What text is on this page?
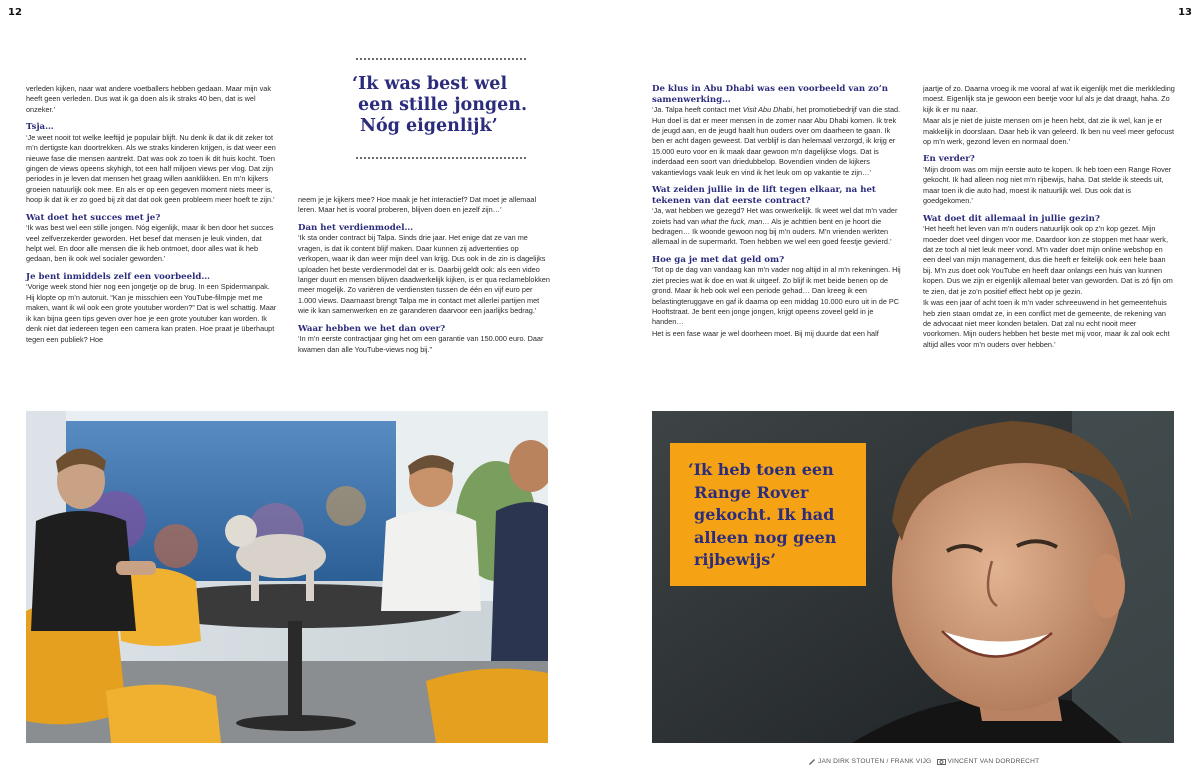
12	13

verleden kijken, naar wat andere voetballers hebben gedaan. Maar mijn vak heeft geen verleden. Dus wat ik ga doen als ik straks 40 ben, dat is wel onzeker.’

Tsja…

‘Je weet nooit tot welke leeftijd je populair blijft. Nu denk ik dat ik dit zeker tot m’n dertigste kan doortrekken. Als we straks kinderen krijgen, is dat weer een nieuwe fase die mensen aantrekt. Dat was ook zo toen ik dit huis kocht. Toen gingen de views opeens skyhigh, tot een half miljoen views per vlog. Dat zijn periodes in je leven dat mensen het graag willen aanklikken. En m’n kijkers groeien natuurlijk ook mee. En als er op een gegeven moment niets meer is, hoop ik dat ik er zo goed bij zit dat dat ook geen probleem meer hoeft te zijn.’

Wat doet het succes met je?

‘Ik was best wel een stille jongen. Nóg eigenlijk, maar ik ben door het succes veel zelfverzekerder geworden. Het besef dat mensen je leuk vinden, dat helpt wel. En door alle mensen die ik heb ontmoet, door alles wat ik heb gedaan, ben ik ook wel socialer geworden.’

Je bent inmiddels zelf een voorbeeld…

‘Vorige week stond hier nog een jongetje op de brug. In een Spidermanpak. Hij klopte op m’n autoruit. “Kan je misschien een YouTube-filmpje met me maken, want ik wil ook een grote youtuber worden?” Dat is wel schattig. Maar ik kan bijna geen tips geven over hoe je een grote youtuber kan worden. Ik denk niet dat iedereen tegen een camera kan praten. Hoe praat je überhaupt tegen een publiek? Hoe

‘Ik was best wel
een stille jongen.
Nóg eigenlijk’

neem je je kijkers mee? Hoe maak je het interactief? Dat moet je allemaal leren. Maar het is vooral proberen, blijven doen en jezelf zijn…’

Dan het verdienmodel…

‘Ik sta onder contract bij Talpa. Sinds drie jaar. Het enige dat ze van me vragen, is dat ik content blijf maken. Daar kunnen zij advertenties op verkopen, waar ik dan weer mijn deel van krijg. Dus ook in de zin is dagelijks uploaden het beste verdienmodel dat er is. Daarbij geldt ook: als een video langer duurt en mensen blijven daadwerkelijk kijken, is er qua reclameblokken meer mogelijk. Zo variëren de verdiensten tussen de één en vijf euro per 1.000 views. Daarnaast brengt Talpa me in contact met allerlei partijen met wie ik kan samenwerken en ze garanderen daarvoor een jaarlijks bedrag.’

Waar hebben we het dan over?

‘In m’n eerste contractjaar ging het om een garantie van 150.000 euro. Daar kwamen dan alle YouTube-views nog bij.”

De klus in Abu Dhabi was een voorbeeld van zo’n samenwerking…

‘Ja. Talpa heeft contact met Visit Abu Dhabi, het promotiebedrijf van die stad. Hun doel is dat er meer mensen in de zomer naar Abu Dhabi komen. Ik trek de jeugd aan, en de jeugd haalt hun ouders over om daarheen te gaan. Ik ben er acht dagen geweest. Dat verblijf is dan helemaal verzorgd, ik krijg er 15.000 euro voor en ik maak daar gewoon m’n dagelijkse vlogs. Dat is inderdaad een soort van driedubbelop. Bovendien vinden de kijkers vakantievlogs vaak leuk en vind ik het leuk om op vakantie te zijn…’

Wat zeiden jullie in de lift tegen elkaar, na het tekenen van dat eerste contract?

‘Ja, wat hebben we gezegd? Het was onwerkelijk. Ik weet wel dat m’n vader zoiets had van what the fuck, man… Als je achttien bent en je hoort die bedragen… Ik woonde gewoon nog bij m’n ouders. M’n vrienden werkten allemaal in de supermarkt. Toen hebben we wel een goed feestje gevierd.’

Hoe ga je met dat geld om?

‘Tot op de dag van vandaag kan m’n vader nog altijd in al m’n rekeningen. Hij ziet precies wat ik doe en wat ik uitgeef. Zo blijf ik met beide benen op de grond. Maar ik heb ook wel een periode gehad… Dan kreeg ik een belastingteruggave en gaf ik daarna op een middag 10.000 euro uit in de PC Hooftstraat. Je bent een jonge jongen, krijgt opeens zoveel geld in je handen…

Het is een fase waar je wel doorheen moet. Bij mij duurde dat een half

jaartje of zo. Daarna vroeg ik me vooral af wat ik eigenlijk met die merkkleding moest. Eigenlijk sta je gewoon een beetje voor lul als je dat draagt, haha. Zo kijk ik er nu naar.

Maar als je niet de juiste mensen om je heen hebt, dat zie ik wel, kan je er makkelijk in doorslaan. Daar heb ik van geleerd. Ik ben nu veel meer gefocust op m’n werk, gezond leven en normaal doen.’

En verder?

‘Mijn droom was om mijn eerste auto te kopen. Ik heb toen een Range Rover gekocht. Ik had alleen nog niet m’n rijbewijs, haha. Dat stelde ik steeds uit, maar toen ik die auto had, moest ik natuurlijk wel. Dus ook dat is goedgekomen.’

Wat doet dit allemaal in jullie gezin?

‘Het heeft het leven van m’n ouders natuurlijk ook op z’n kop gezet. Mijn moeder doet veel dingen voor me. Daardoor kon ze stoppen met haar werk, dat ze toch al niet leuk meer vond. M’n vader doet mijn online webshop en een deel van mijn management, dus die heeft er feitelijk ook een hele baan bij. M’n zus doet ook YouTube en heeft daar onlangs een huis van kunnen kopen. Dus we zijn er eigenlijk allemaal beter van geworden. Dat is zó fijn om te zien, dat je zo’n positief effect hebt op je gezin.

Ik was een jaar of acht toen ik m’n vader schreeuwend in het gemeentehuis heb zien staan omdat ze, in een conflict met de gemeente, de rekening van de advocaat niet meer konden betalen. Dat zal nu echt nooit meer voorkomen. Mijn ouders hebben het beste met mij voor, maar ik zal ook echt altijd alles voor m’n ouders over hebben.’

‘Ik heb toen een
Range Rover
gekocht. Ik had
alleen nog geen
rijbewijs’
JAN DIRK STOUTEN / FRANK VIJG VINCENT VAN DORDRECHT
